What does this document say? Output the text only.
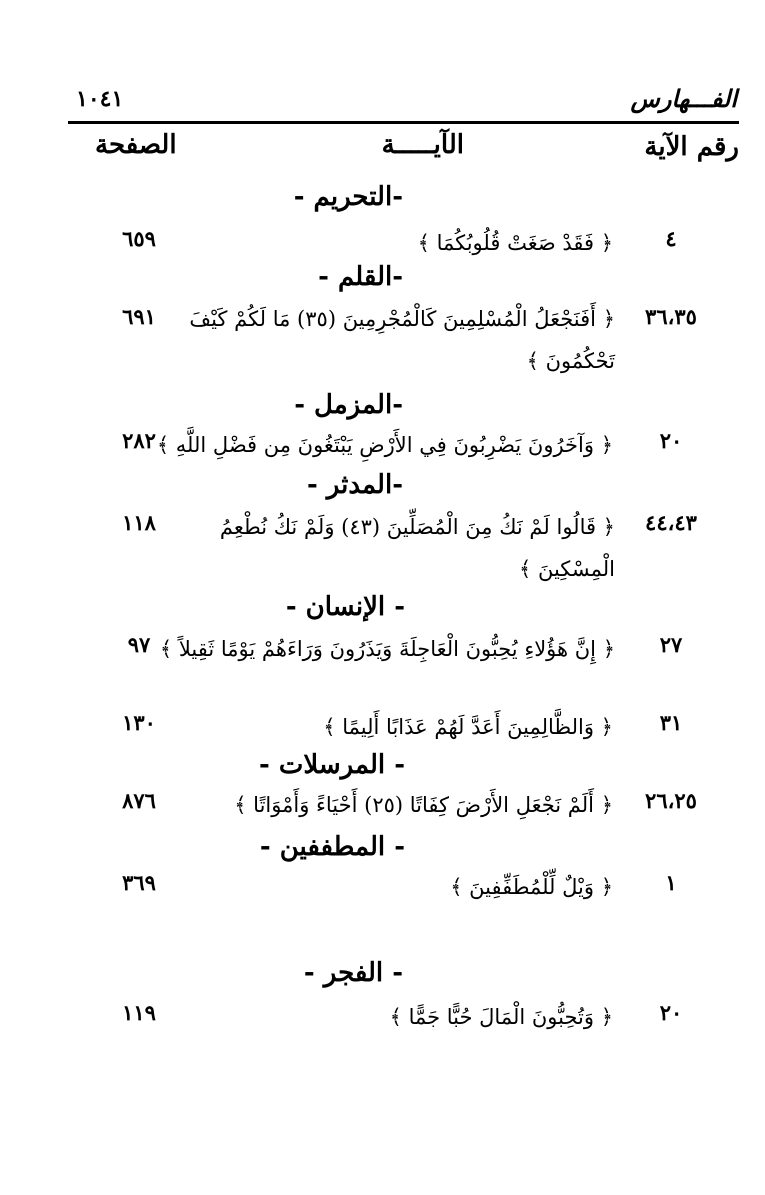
الفـــهارس
١٠٤١
رقم الآية
الآيـــــة
الصفحة
-التحريم -
٤
﴿ فَقَدْ صَغَتْ قُلُوبُكُمَا ﴾
٦٥٩
-القلم -
٣٦،٣٥
﴿ أَفَنَجْعَلُ الْمُسْلِمِينَ كَالْمُجْرِمِينَ (٣٥) مَا لَكُمْ كَيْفَ تَحْكُمُونَ ﴾
٦٩١
-المزمل -
٢٠
﴿ وَآخَرُونَ يَضْرِبُونَ فِي الأَرْضِ يَبْتَغُونَ مِن فَضْلِ اللَّهِ ﴾
٢٨٢
-المدثر -
٤٤،٤٣
﴿ قَالُوا لَمْ نَكُ مِنَ الْمُصَلِّينَ (٤٣) وَلَمْ نَكُ نُطْعِمُ الْمِسْكِينَ ﴾
١١٨
- الإنسان -
٢٧
﴿ إِنَّ هَؤُلاءِ يُحِبُّونَ الْعَاجِلَةَ وَيَذَرُونَ وَرَاءَهُمْ يَوْمًا ثَقِيلاً ﴾
٩٧
٣١
﴿ وَالظَّالِمِينَ أَعَدَّ لَهُمْ عَذَابًا أَلِيمًا ﴾
١٣٠
- المرسلات -
٢٦،٢٥
﴿ أَلَمْ نَجْعَلِ الأَرْضَ كِفَاتًا (٢٥) أَحْيَاءً وَأَمْوَاتًا ﴾
٨٧٦
- المطففين -
١
﴿ وَيْلٌ لِّلْمُطَفِّفِينَ ﴾
٣٦٩
- الفجر -
٢٠
﴿ وَتُحِبُّونَ الْمَالَ حُبًّا جَمًّا ﴾
١١٩
